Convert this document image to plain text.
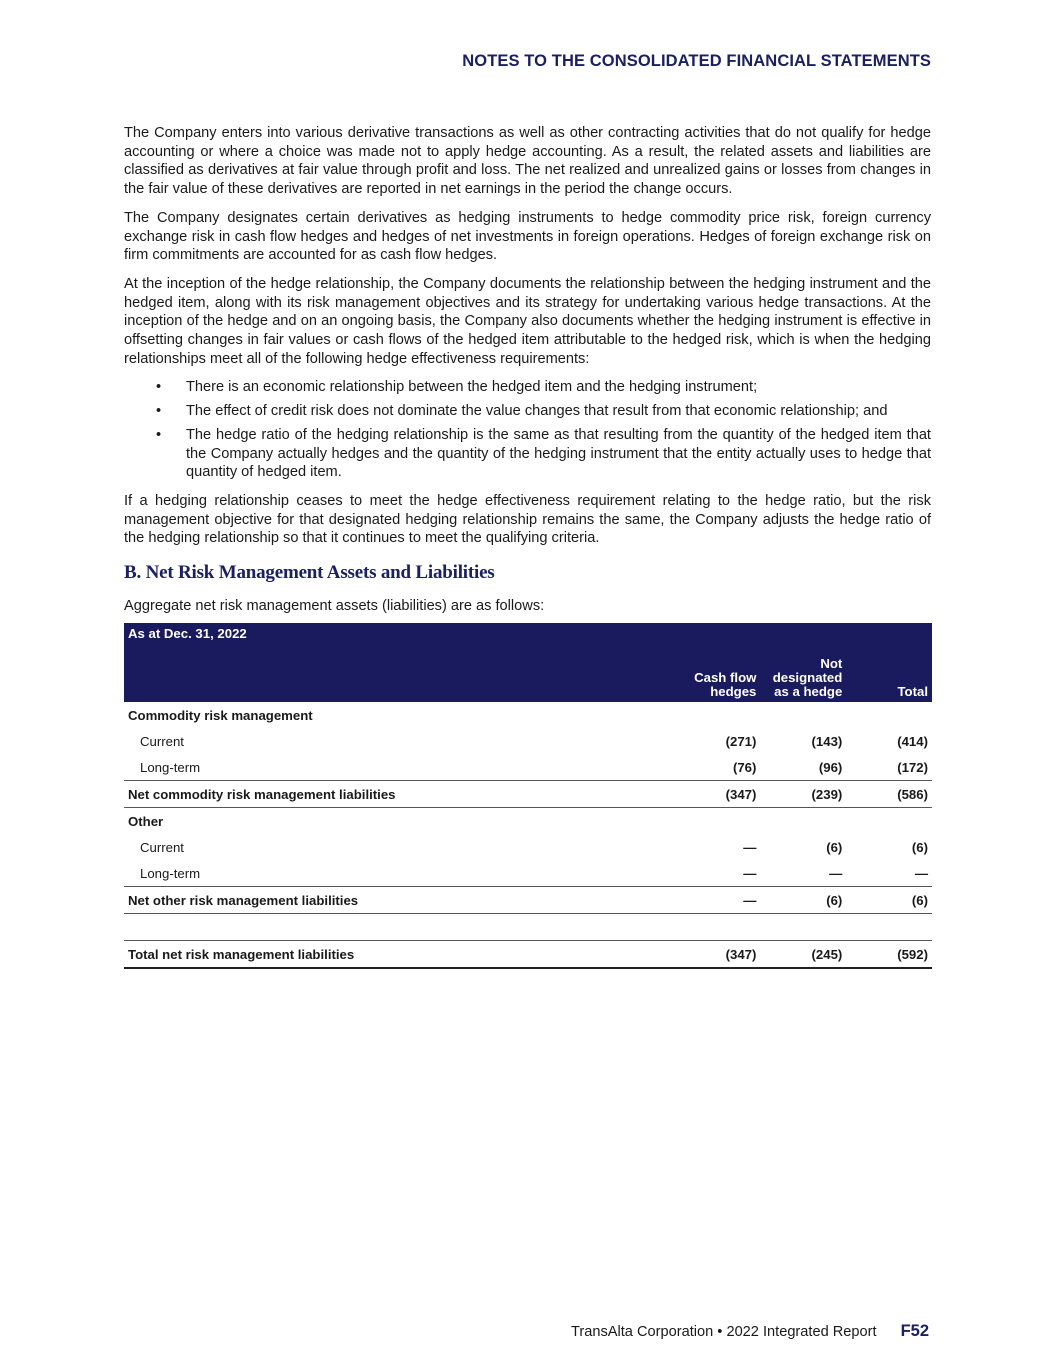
NOTES TO THE CONSOLIDATED FINANCIAL STATEMENTS

The Company enters into various derivative transactions as well as other contracting activities that do not qualify for hedge accounting or where a choice was made not to apply hedge accounting. As a result, the related assets and liabilities are classified as derivatives at fair value through profit and loss. The net realized and unrealized gains or losses from changes in the fair value of these derivatives are reported in net earnings in the period the change occurs.

The Company designates certain derivatives as hedging instruments to hedge commodity price risk, foreign currency exchange risk in cash flow hedges and hedges of net investments in foreign operations. Hedges of foreign exchange risk on firm commitments are accounted for as cash flow hedges.

At the inception of the hedge relationship, the Company documents the relationship between the hedging instrument and the hedged item, along with its risk management objectives and its strategy for undertaking various hedge transactions. At the inception of the hedge and on an ongoing basis, the Company also documents whether the hedging instrument is effective in offsetting changes in fair values or cash flows of the hedged item attributable to the hedged risk, which is when the hedging relationships meet all of the following hedge effectiveness requirements:

• There is an economic relationship between the hedged item and the hedging instrument;
• The effect of credit risk does not dominate the value changes that result from that economic relationship; and
• The hedge ratio of the hedging relationship is the same as that resulting from the quantity of the hedged item that the Company actually hedges and the quantity of the hedging instrument that the entity actually uses to hedge that quantity of hedged item.

If a hedging relationship ceases to meet the hedge effectiveness requirement relating to the hedge ratio, but the risk management objective for that designated hedging relationship remains the same, the Company adjusts the hedge ratio of the hedging relationship so that it continues to meet the qualifying criteria.

B. Net Risk Management Assets and Liabilities

Aggregate net risk management assets (liabilities) are as follows:

As at Dec. 31, 2022			
	Cash flow hedges	Not designated as a hedge	Total
Commodity risk management			
Current	(271)	(143)	(414)
Long-term	(76)	(96)	(172)
Net commodity risk management liabilities	(347)	(239)	(586)
Other			
Current	—	(6)	(6)
Long-term	—	—	—
Net other risk management liabilities	—	(6)	(6)

Total net risk management liabilities	(347)	(245)	(592)
TransAlta Corporation • 2022 Integrated Report F52
